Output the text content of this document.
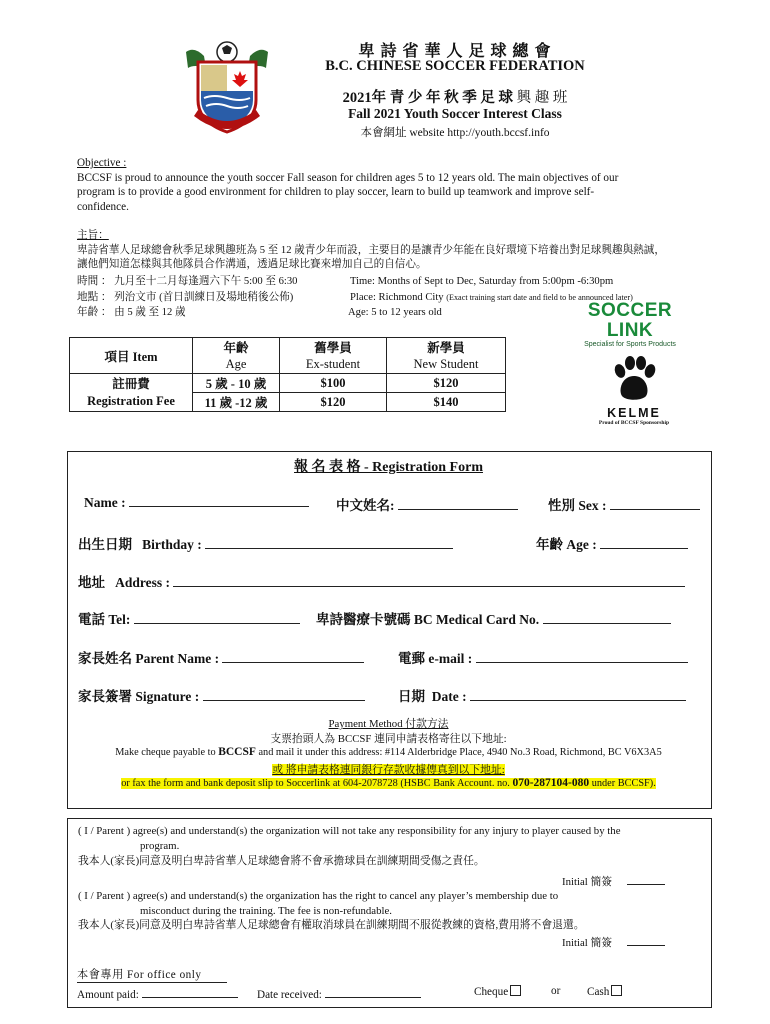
卑 詩 省 華 人 足 球 總 會
B.C. CHINESE SOCCER FEDERATION
2021年 青 少 年 秋 季 足 球 興 趣 班
Fall 2021 Youth Soccer Interest Class
本會網址 website http://youth.bccsf.info
Objective :
BCCSF is proud to announce the youth soccer Fall season for children ages 5 to 12 years old. The main objectives of our
program is to provide a good environment for children to play soccer, learn to build up teamwork and improve self-
confidence.
主旨：
卑詩省華人足球總會秋季足球興趣班為 5 至 12 歲青少年而設，主要目的是讓青少年能在良好環境下培養出對足球興趣與熱誠，
讓他們知道怎樣與其他隊員合作溝通，透過足球比賽來增加自己的自信心。
時間 ： 九月至十二月每逢週六下午 5:00 至 6:30	Time: Months of Sept to Dec, Saturday from 5:00pm -6:30pm
地點 ： 列治文市 (首日訓練日及場地稍後公佈)	Place: Richmond City (Exact training start date and field to be announced later)
年齡 ： 由 5 歲 至 12 歲	Age: 5 to 12 years old	SOCCER LINK
Specialist for Sports Products
項目 Item	年齡	舊學員	新學員
	Age	Ex-student	New Student
註冊費	5 歲 - 10 歲	$100	$120
Registration Fee	11 歲 -12 歲	$120	$140
KELME
Proud of BCCSF Sponsorship
報 名 表 格 - Registration Form
Name :	中文姓名:	性別 Sex :
出生日期   Birthday :	年齡 Age :
地址   Address :
電話 Tel:	卑詩醫療卡號碼 BC Medical Card No.
家長姓名 Parent Name :	電郵 e-mail :
家長簽署 Signature :	日期  Date :
Payment Method 付款方法
支票抬頭人為 BCCSF 連同申請表格寄往以下地址:
Make cheque payable to BCCSF and mail it under this address: #114 Alderbridge Place, 4940 No.3 Road, Richmond, BC V6X3A5
或 將申請表格連同銀行存款收據傳真到以下地址:
or fax the form and bank deposit slip to Soccerlink at 604-2078728 (HSBC Bank Account. no. 070-287104-080 under BCCSF).
( I / Parent ) agree(s) and understand(s) the organization will not take any responsibility for any injury to player caused by the
program.
我本人(家長)同意及明白卑詩省華人足球總會將不會承擔球員在訓練期間受傷之責任。
Initial 簡簽
( I / Parent ) agree(s) and understand(s) the organization has the right to cancel any player’s membership due to
misconduct during the training. The fee is non-refundable.
我本人(家長)同意及明白卑詩省華人足球總會有權取消球員在訓練期間不服從教練的資格,費用將不會退還。
Initial 簡簽
本會專用 For office only
Amount paid:	Date received:	Cheque	or Cash
